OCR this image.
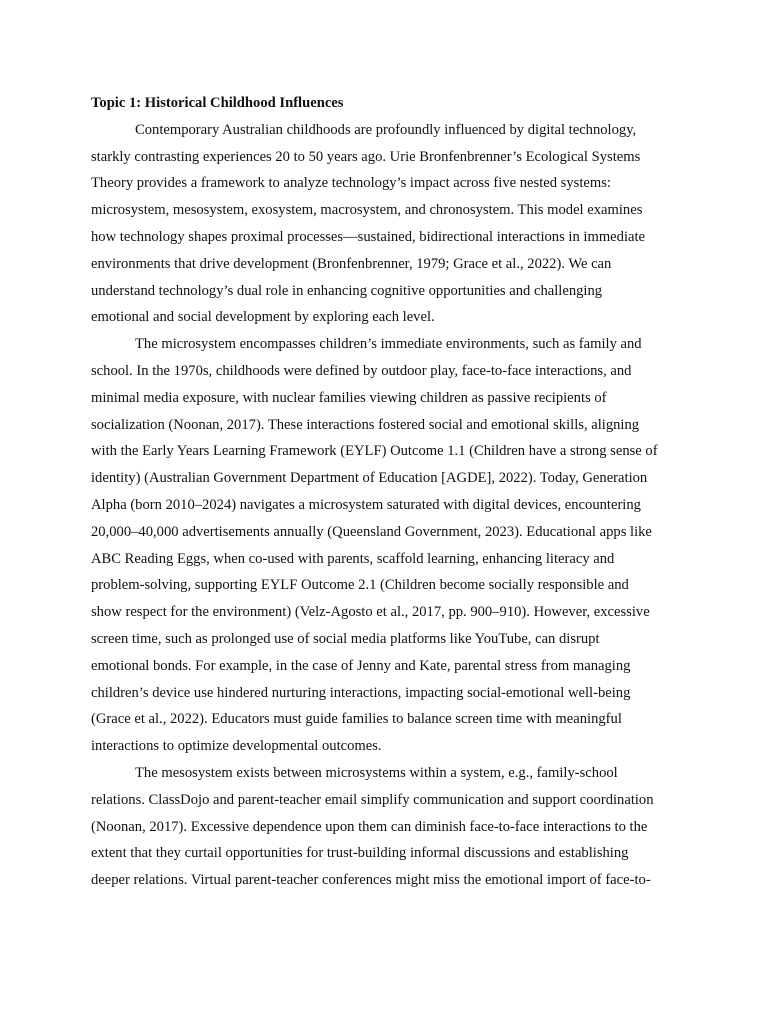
Topic 1: Historical Childhood Influences
Contemporary Australian childhoods are profoundly influenced by digital technology,
starkly contrasting experiences 20 to 50 years ago. Urie Bronfenbrenner’s Ecological Systems
Theory provides a framework to analyze technology’s impact across five nested systems:
microsystem, mesosystem, exosystem, macrosystem, and chronosystem. This model examines
how technology shapes proximal processes—sustained, bidirectional interactions in immediate
environments that drive development (Bronfenbrenner, 1979; Grace et al., 2022). We can
understand technology’s dual role in enhancing cognitive opportunities and challenging
emotional and social development by exploring each level.
The microsystem encompasses children’s immediate environments, such as family and
school. In the 1970s, childhoods were defined by outdoor play, face-to-face interactions, and
minimal media exposure, with nuclear families viewing children as passive recipients of
socialization (Noonan, 2017). These interactions fostered social and emotional skills, aligning
with the Early Years Learning Framework (EYLF) Outcome 1.1 (Children have a strong sense of
identity) (Australian Government Department of Education [AGDE], 2022). Today, Generation
Alpha (born 2010–2024) navigates a microsystem saturated with digital devices, encountering
20,000–40,000 advertisements annually (Queensland Government, 2023). Educational apps like
ABC Reading Eggs, when co-used with parents, scaffold learning, enhancing literacy and
problem-solving, supporting EYLF Outcome 2.1 (Children become socially responsible and
show respect for the environment) (Velz-Agosto et al., 2017, pp. 900–910). However, excessive
screen time, such as prolonged use of social media platforms like YouTube, can disrupt
emotional bonds. For example, in the case of Jenny and Kate, parental stress from managing
children’s device use hindered nurturing interactions, impacting social-emotional well-being
(Grace et al., 2022). Educators must guide families to balance screen time with meaningful
interactions to optimize developmental outcomes.
The mesosystem exists between microsystems within a system, e.g., family-school
relations. ClassDojo and parent-teacher email simplify communication and support coordination
(Noonan, 2017). Excessive dependence upon them can diminish face-to-face interactions to the
extent that they curtail opportunities for trust-building informal discussions and establishing
deeper relations. Virtual parent-teacher conferences might miss the emotional import of face-to-
